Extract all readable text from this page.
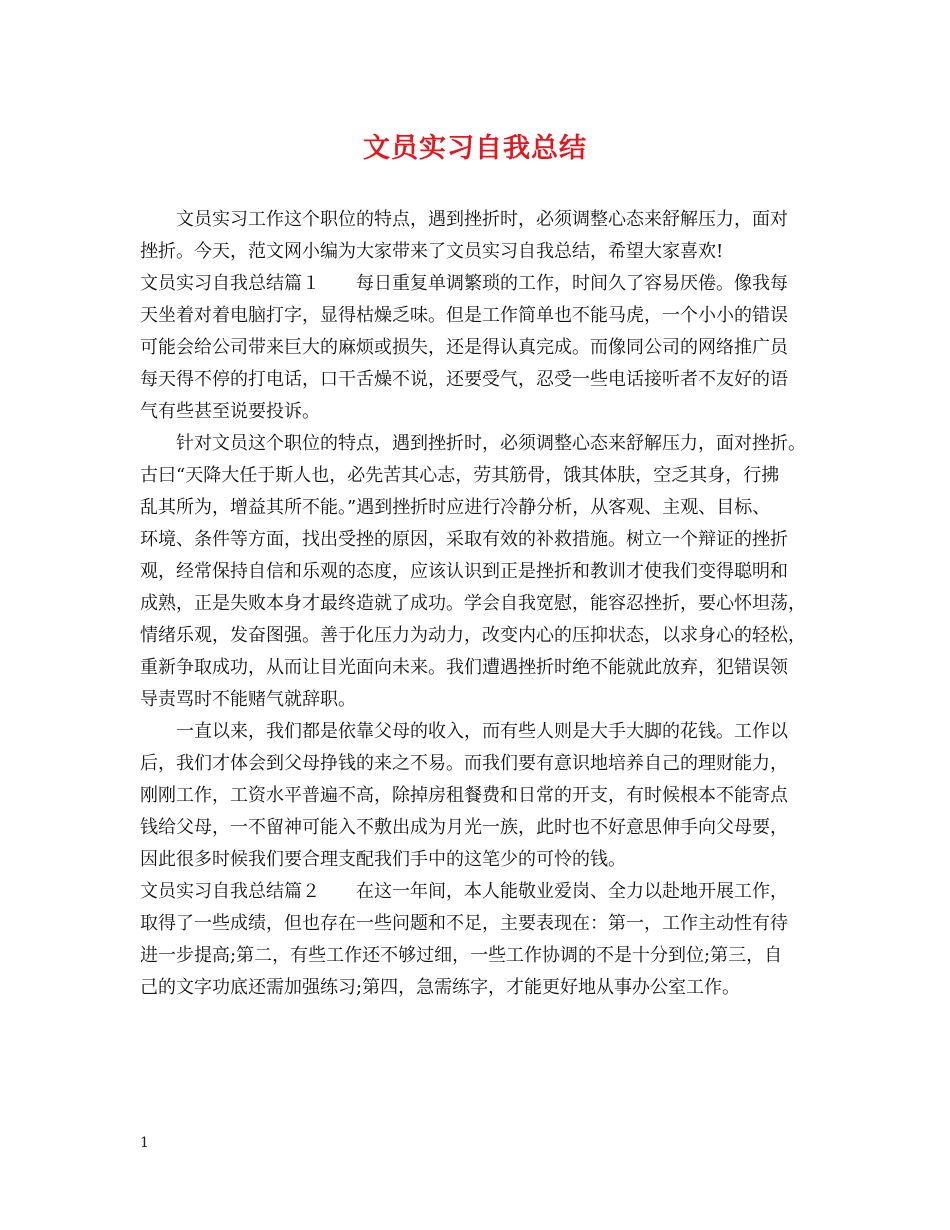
文员实习自我总结
文员实习工作这个职位的特点，遇到挫折时，必须调整心态来舒解压力，面对
挫折。今天，范文网小编为大家带来了文员实习自我总结，希望大家喜欢!
文员实习自我总结篇１ 每日重复单调繁琐的工作，时间久了容易厌倦。像我每
天坐着对着电脑打字，显得枯燥乏味。但是工作简单也不能马虎，一个小小的错误
可能会给公司带来巨大的麻烦或损失，还是得认真完成。而像同公司的网络推广员
每天得不停的打电话，口干舌燥不说，还要受气，忍受一些电话接听者不友好的语
气有些甚至说要投诉。
针对文员这个职位的特点，遇到挫折时，必须调整心态来舒解压力，面对挫折。
古曰“天降大任于斯人也，必先苦其心志，劳其筋骨，饿其体肤，空乏其身，行拂
乱其所为，增益其所不能。”遇到挫折时应进行冷静分析，从客观、主观、目标、
环境、条件等方面，找出受挫的原因，采取有效的补救措施。树立一个辩证的挫折
观，经常保持自信和乐观的态度，应该认识到正是挫折和教训才使我们变得聪明和
成熟，正是失败本身才最终造就了成功。学会自我宽慰，能容忍挫折，要心怀坦荡，
情绪乐观，发奋图强。善于化压力为动力，改变内心的压抑状态，以求身心的轻松，
重新争取成功，从而让目光面向未来。我们遭遇挫折时绝不能就此放弃，犯错误领
导责骂时不能赌气就辞职。
一直以来，我们都是依靠父母的收入，而有些人则是大手大脚的花钱。工作以
后，我们才体会到父母挣钱的来之不易。而我们要有意识地培养自己的理财能力，
刚刚工作，工资水平普遍不高，除掉房租餐费和日常的开支，有时候根本不能寄点
钱给父母，一不留神可能入不敷出成为月光一族，此时也不好意思伸手向父母要，
因此很多时候我们要合理支配我们手中的这笔少的可怜的钱。
文员实习自我总结篇２ 在这一年间，本人能敬业爱岗、全力以赴地开展工作，
取得了一些成绩，但也存在一些问题和不足，主要表现在：第一，工作主动性有待
进一步提高;第二，有些工作还不够过细，一些工作协调的不是十分到位;第三，自
己的文字功底还需加强练习;第四，急需练字，才能更好地从事办公室工作。
1
